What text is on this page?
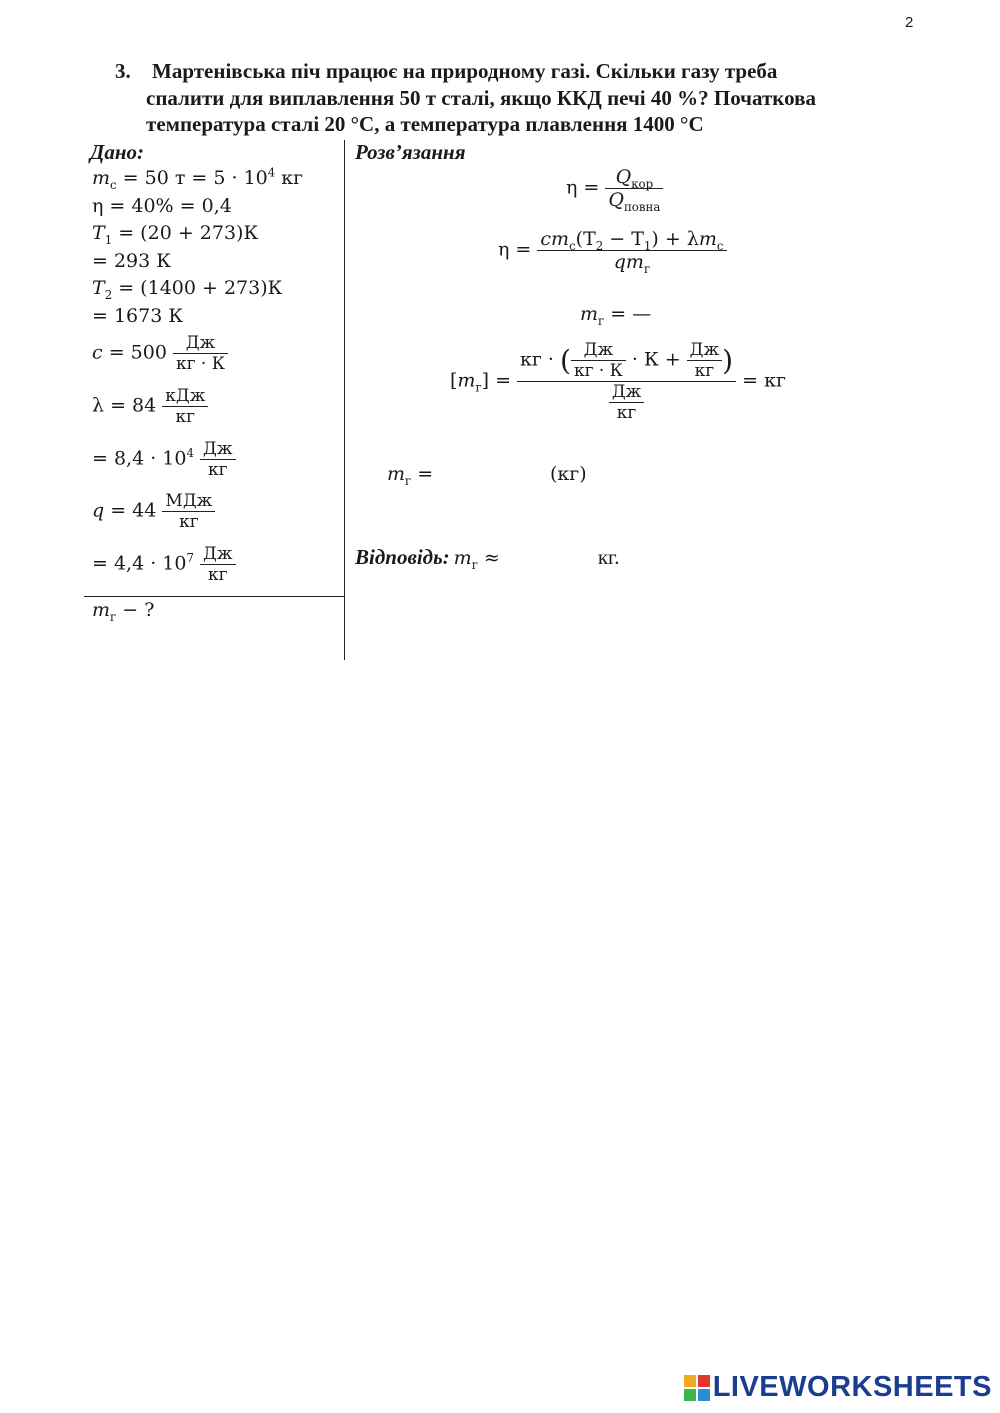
2
3. Мартенівська піч працює на природному газі. Скільки газу треба
спалити для виплавлення 50 т сталі, якщо ККД печі 40 %? Початкова
температура сталі 20 °С, а температура плавлення 1400 °С
Дано:
$m_с = 50$ $т = 5 \cdot 10^4$ кг
η = 40% = 0,4
$T_1 = (20 + 273)К$
= 293 К
$T_2 = (1400 + 273)К$
= 1673 К
$c = 500 \frac{Дж}{кг \cdot К}$
$\lambda = 84 \frac{\text{кДж}}{кг}$
= $8,4 \cdot 10^4 \frac{Дж}{кг}$
$q = 44 \frac{\text{МДж}}{кг}$
= $4,4 \cdot 10^7 \frac{Дж}{кг}$
$m_г$ − ?
Розв’язання
$\eta = \frac{Q_{кор}}{Q_{повна}}$
$\eta = \frac{cm_с(T_2 - T_1) + \lambda m_с}{qm_г}$
$m_г$ = —
$[m_г] = \frac{кг \cdot ( \frac{Дж}{кг \cdot К} \cdot К + \frac{Дж}{кг} )}{\frac{Дж}{кг}}$ = кг
$m_г$ =	(кг)
Відповідь: $m_г$ ≈	кг.
LIVEWORKSHEETS
